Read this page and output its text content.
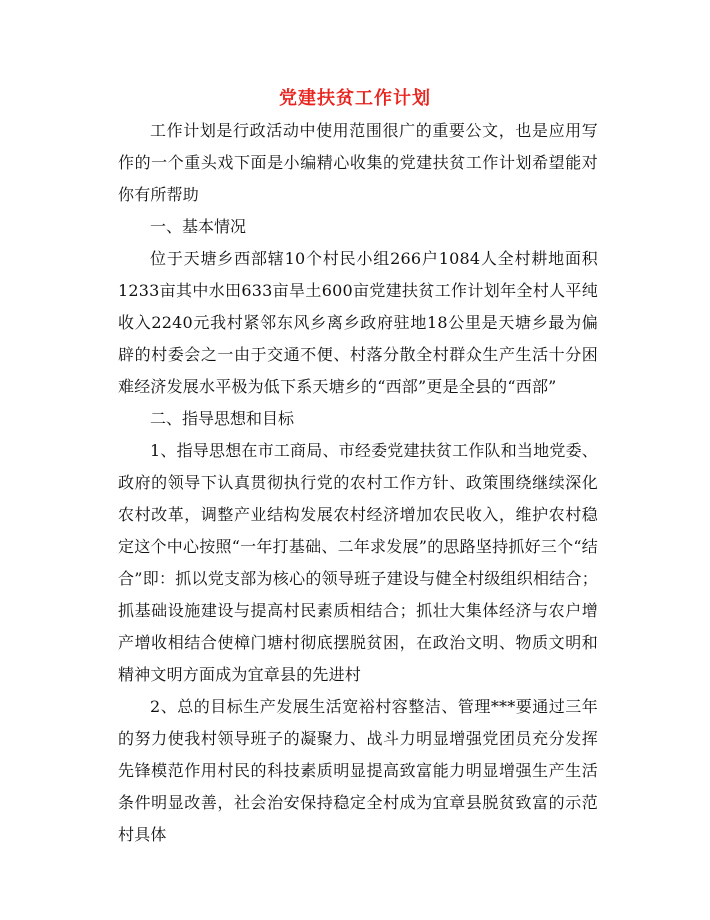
党建扶贫工作计划

工作计划是行政活动中使用范围很广的重要公文，也是应用写作的一个重头戏下面是小编精心收集的党建扶贫工作计划希望能对你有所帮助

一、基本情况

位于天塘乡西部辖10个村民小组266户1084人全村耕地面积1233亩其中水田633亩旱土600亩党建扶贫工作计划年全村人平纯收入2240元我村紧邻东风乡离乡政府驻地18公里是天塘乡最为偏辟的村委会之一由于交通不便、村落分散全村群众生产生活十分困难经济发展水平极为低下系天塘乡的“西部”更是全县的“西部”

二、指导思想和目标

1、指导思想在市工商局、市经委党建扶贫工作队和当地党委、政府的领导下认真贯彻执行党的农村工作方针、政策围绕继续深化农村改革，调整产业结构发展农村经济增加农民收入，维护农村稳定这个中心按照“一年打基础、二年求发展”的思路坚持抓好三个“结合”即：抓以党支部为核心的领导班子建设与健全村级组织相结合；抓基础设施建设与提高村民素质相结合；抓壮大集体经济与农户增产增收相结合使樟门塘村彻底摆脱贫困，在政治文明、物质文明和精神文明方面成为宜章县的先进村

2、总的目标生产发展生活宽裕村容整洁、管理***要通过三年的努力使我村领导班子的凝聚力、战斗力明显增强党团员充分发挥先锋模范作用村民的科技素质明显提高致富能力明显增强生产生活条件明显改善，社会治安保持稳定全村成为宜章县脱贫致富的示范村具体
